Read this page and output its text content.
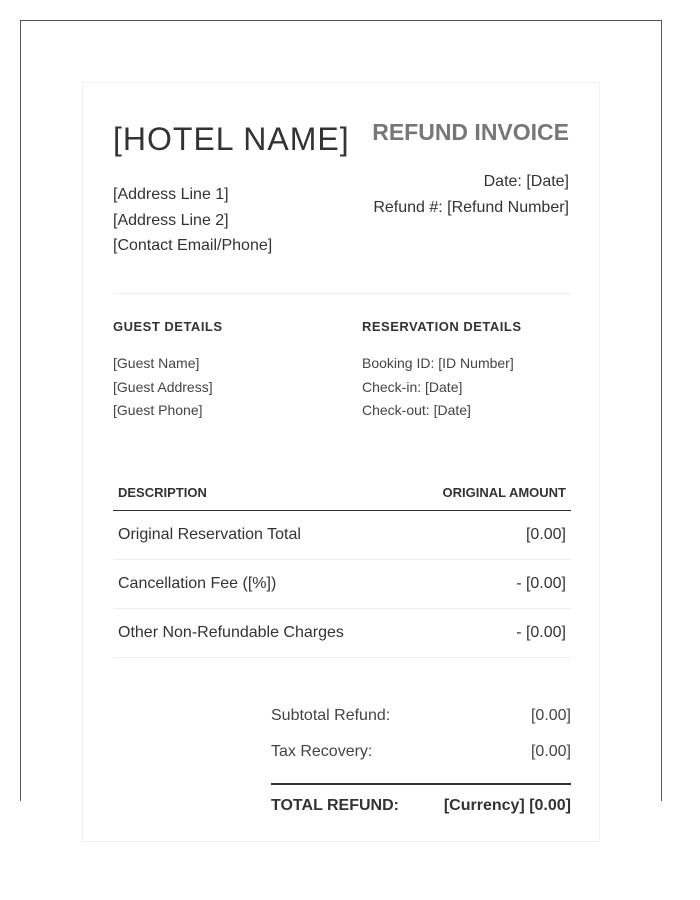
[HOTEL NAME] REFUND INVOICE
[Address Line 1]
[Address Line 2]
[Contact Email/Phone]
Date: [Date]
Refund #: [Refund Number]
GUEST DETAILS
[Guest Name]
[Guest Address]
[Guest Phone]
RESERVATION DETAILS
Booking ID: [ID Number]
Check-in: [Date]
Check-out: [Date]
DESCRIPTION	ORIGINAL AMOUNT
Original Reservation Total	[0.00]
Cancellation Fee ([%])	- [0.00]
Other Non-Refundable Charges	- [0.00]
Subtotal Refund:	[0.00]
Tax Recovery:	[0.00]
TOTAL REFUND:	[Currency] [0.00]
